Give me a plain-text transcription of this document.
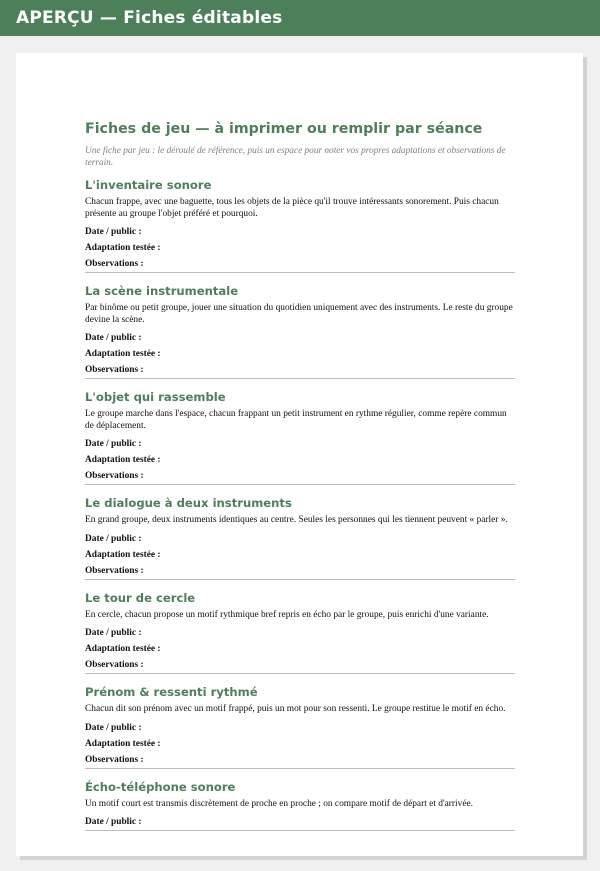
APERÇU — Fiches éditables
Fiches de jeu — à imprimer ou remplir par séance
Une fiche par jeu : le déroulé de référence, puis un espace pour noter vos propres adaptations et observations de terrain.
L'inventaire sonore
Chacun frappe, avec une baguette, tous les objets de la pièce qu'il trouve intéressants sonorement. Puis chacun présente au groupe l'objet préféré et pourquoi.
Date / public :
Adaptation testée :
Observations :
La scène instrumentale
Par binôme ou petit groupe, jouer une situation du quotidien uniquement avec des instruments. Le reste du groupe devine la scène.
Date / public :
Adaptation testée :
Observations :
L'objet qui rassemble
Le groupe marche dans l'espace, chacun frappant un petit instrument en rythme régulier, comme repère commun de déplacement.
Date / public :
Adaptation testée :
Observations :
Le dialogue à deux instruments
En grand groupe, deux instruments identiques au centre. Seules les personnes qui les tiennent peuvent « parler ».
Date / public :
Adaptation testée :
Observations :
Le tour de cercle
En cercle, chacun propose un motif rythmique bref repris en écho par le groupe, puis enrichi d'une variante.
Date / public :
Adaptation testée :
Observations :
Prénom & ressenti rythmé
Chacun dit son prénom avec un motif frappé, puis un mot pour son ressenti. Le groupe restitue le motif en écho.
Date / public :
Adaptation testée :
Observations :
Écho-téléphone sonore
Un motif court est transmis discrètement de proche en proche ; on compare motif de départ et d'arrivée.
Date / public :
